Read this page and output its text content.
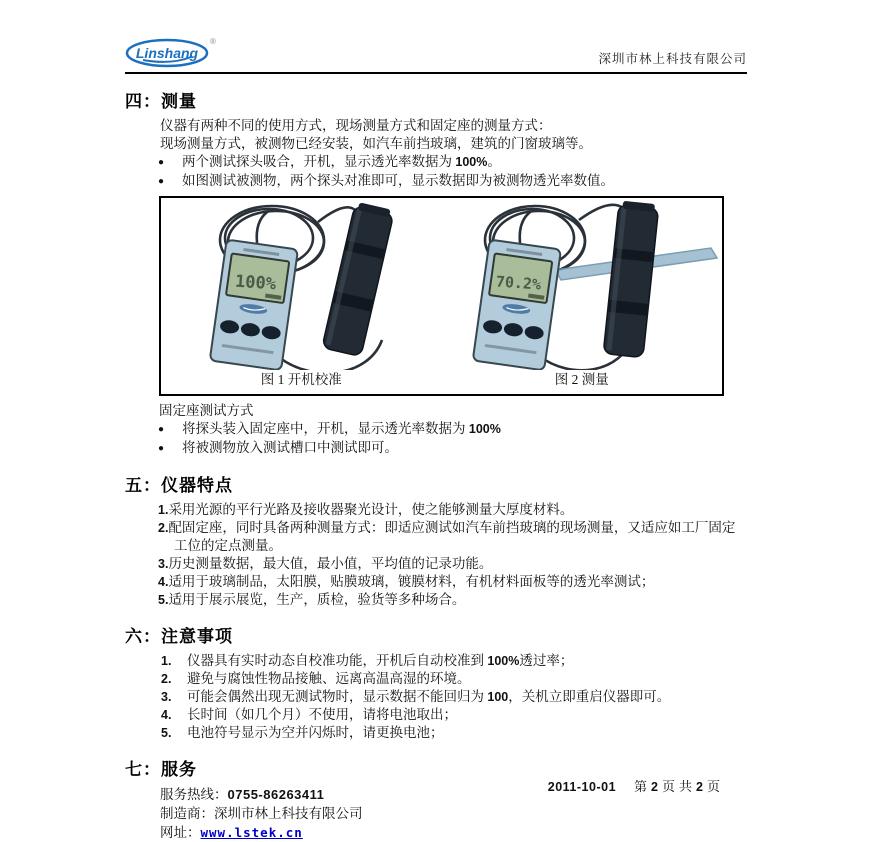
Linshang
®
深圳市林上科技有限公司
四：测量

仪器有两种不同的使用方式，现场测量方式和固定座的测量方式：

现场测量方式，被测物已经安装，如汽车前挡玻璃，建筑的门窗玻璃等。

● 两个测试探头吸合，开机，显示透光率数据为 100%。
● 如图测试被测物，两个探头对准即可，显示数据即为被测物透光率数值。
100%
图 1 开机校准
70.2%
图 2 测量

固定座测试方式

● 将探头装入固定座中，开机，显示透光率数据为 100%
● 将被测物放入测试槽口中测试即可。
五：仪器特点
1.采用光源的平行光路及接收器聚光设计，使之能够测量大厚度材料。
2.配固定座，同时具备两种测量方式：即适应测试如汽车前挡玻璃的现场测量，又适应如工厂固定工位的定点测量。
3.历史测量数据，最大值，最小值，平均值的记录功能。
4.适用于玻璃制品，太阳膜，贴膜玻璃，镀膜材料，有机材料面板等的透光率测试；
5.适用于展示展览，生产，质检，验货等多种场合。
六：注意事项
1. 仪器具有实时动态自校准功能，开机后自动校准到 100%透过率；
2. 避免与腐蚀性物品接触、远离高温高湿的环境。
3. 可能会偶然出现无测试物时，显示数据不能回归为 100，关机立即重启仪器即可。
4. 长时间（如几个月）不使用，请将电池取出；
5. 电池符号显示为空并闪烁时，请更换电池；
七：服务
服务热线：0755-86263411
制造商：深圳市林上科技有限公司
网址：www.lstek.cn
2011-10-01 第 2 页 共 2 页
